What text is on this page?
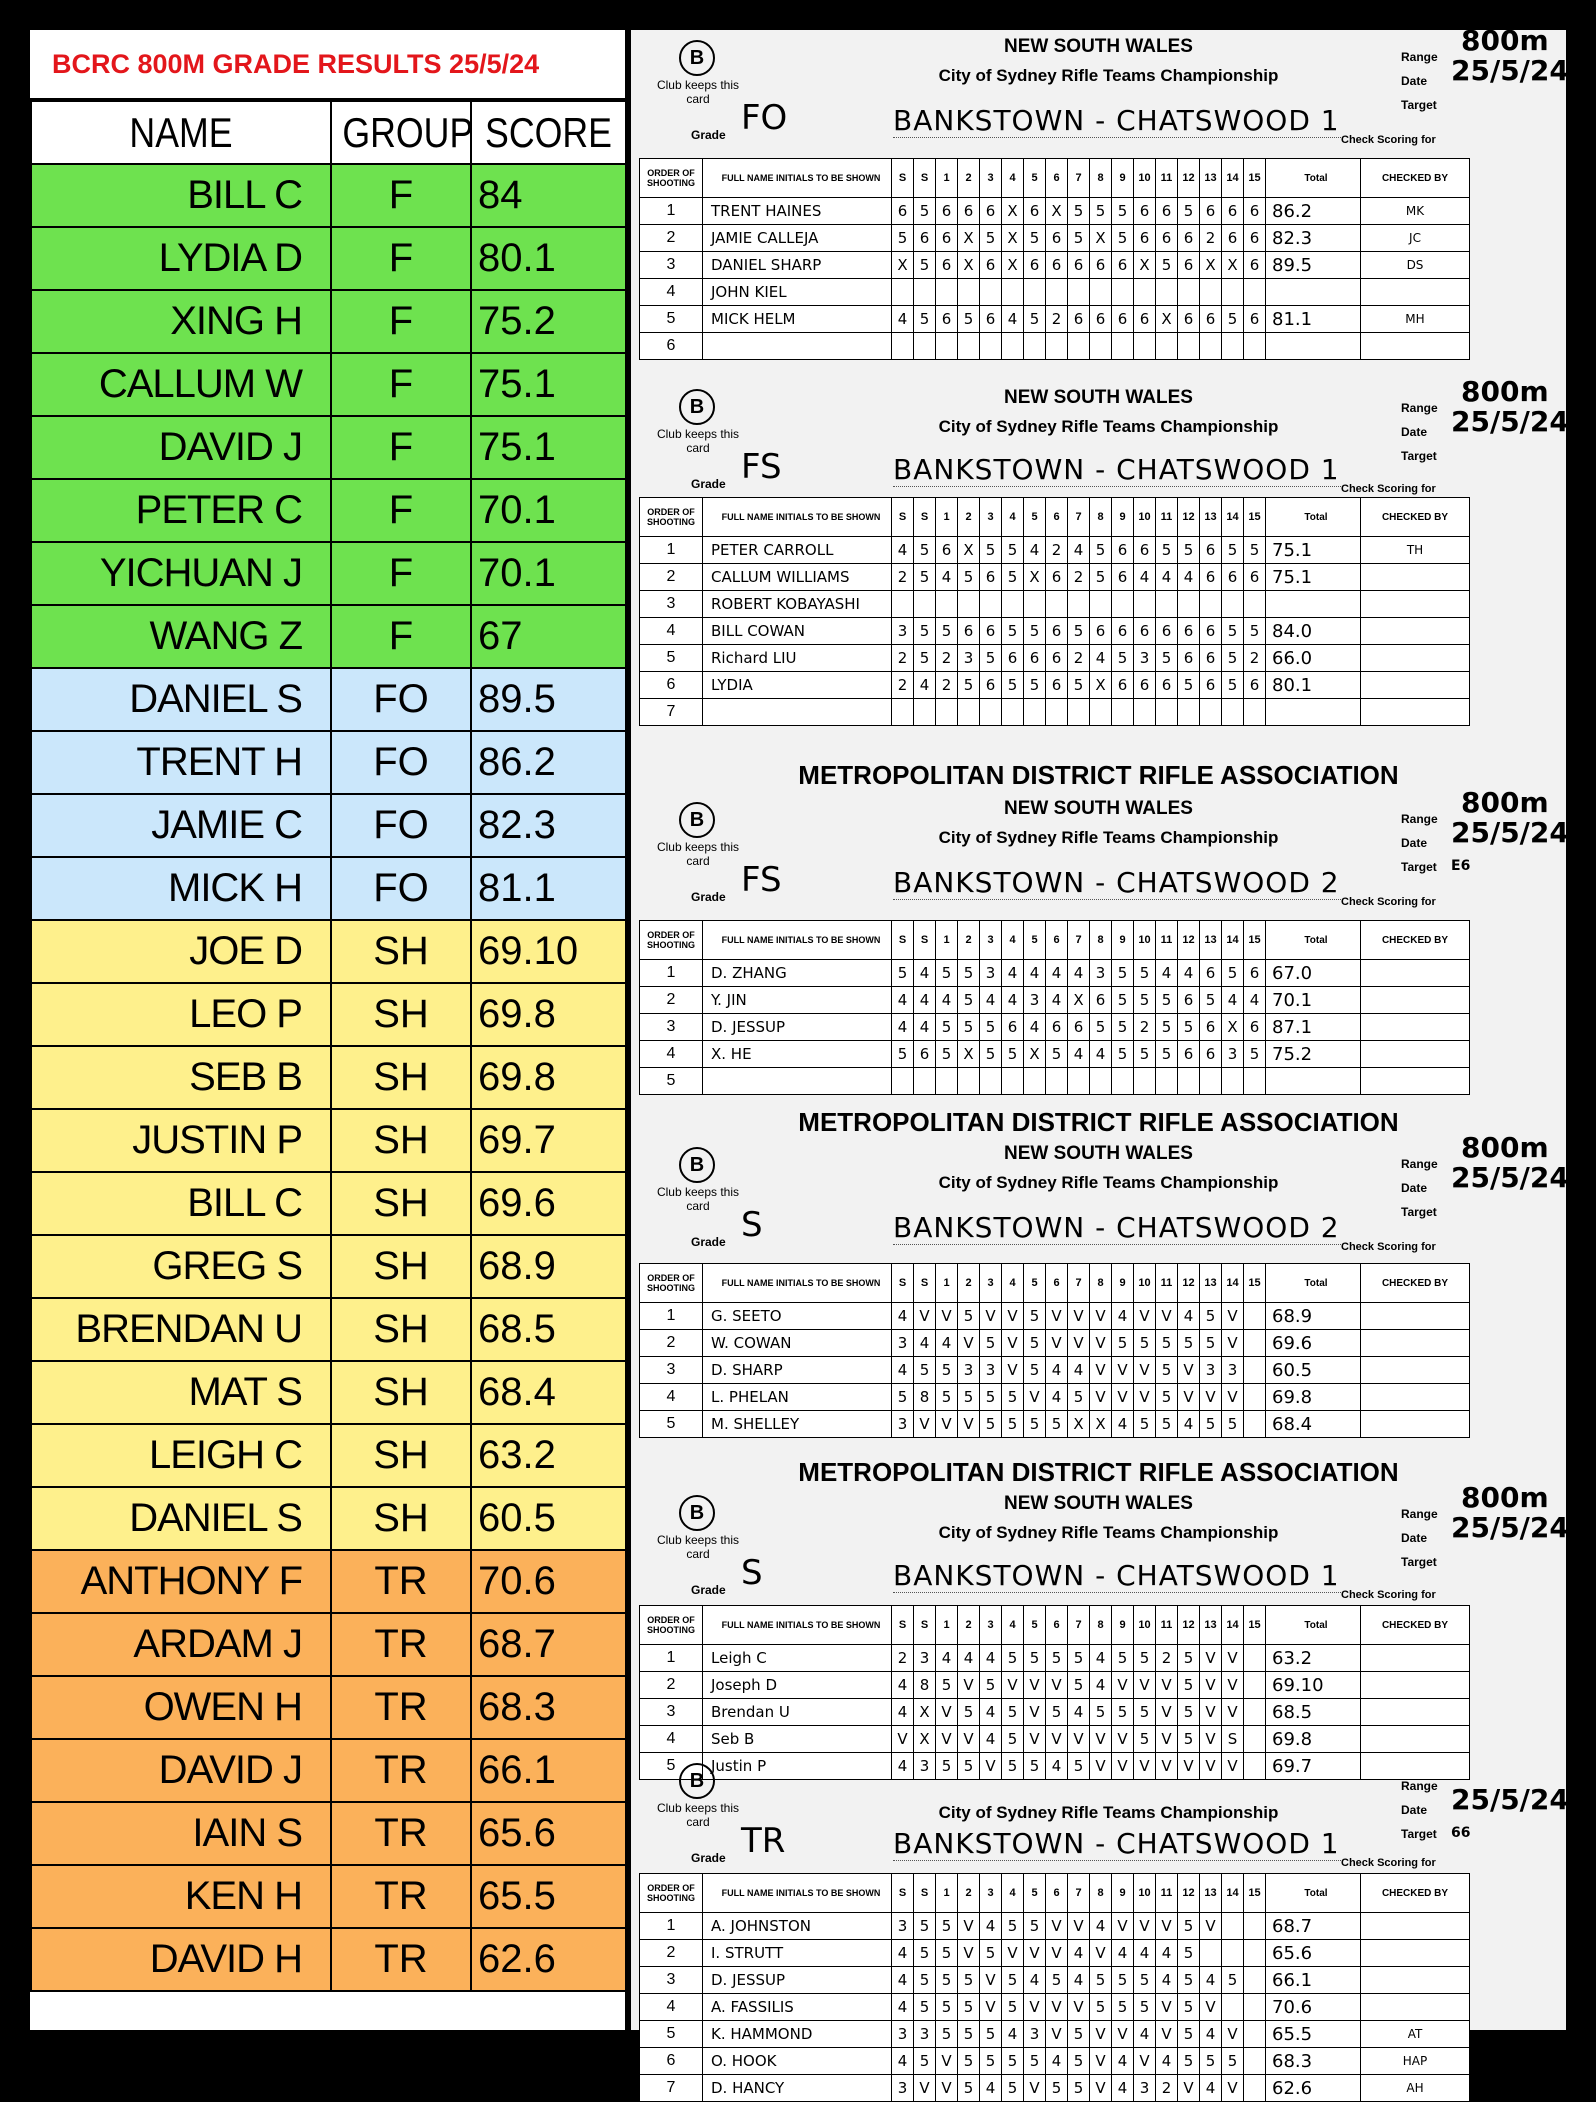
BCRC 800M GRADE RESULTS 25/5/24
NAME	GROUP	SCORE
BILL C	F	84
LYDIA D	F	80.1
XING H	F	75.2
CALLUM W	F	75.1
DAVID J	F	75.1
PETER C	F	70.1
YICHUAN J	F	70.1
WANG Z	F	67
DANIEL S	FO	89.5
TRENT H	FO	86.2
JAMIE C	FO	82.3
MICK H	FO	81.1
JOE D	SH	69.10
LEO P	SH	69.8
SEB B	SH	69.8
JUSTIN P	SH	69.7
BILL C	SH	69.6
GREG S	SH	68.9
BRENDAN U	SH	68.5
MAT S	SH	68.4
LEIGH C	SH	63.2
DANIEL S	SH	60.5
ANTHONY F	TR	70.6
ARDAM J	TR	68.7
OWEN H	TR	68.3
DAVID J	TR	66.1
IAIN S	TR	65.6
KEN H	TR	65.5
DAVID H	TR	62.6
B
Club keeps this card
NEW SOUTH WALES
City of Sydney Rifle Teams Championship
Grade FO	BANKSTOWN - CHATSWOOD 1
Range
Date
Target
800m
25/5/24
Check Scoring for
ORDER OF SHOOTING	FULL NAME INITIALS TO BE SHOWN	S	S	1	2	3	4	5	6	7	8	9	10	11	12	13	14	15	Total	CHECKED BY
1	TRENT HAINES	6	5	6	6	6	X	6	X	5	5	5	6	6	5	6	6	6	86.2	MK
2	JAMIE CALLEJA	5	6	6	X	5	X	5	6	5	X	5	6	6	6	2	6	6	82.3	JC
3	DANIEL SHARP	X	5	6	X	6	X	6	6	6	6	6	X	5	6	X	X	6	89.5	DS
4	JOHN KIEL																			
5	MICK HELM	4	5	6	5	6	4	5	2	6	6	6	6	X	6	6	5	6	81.1	MH
6																				
B
Club keeps this card
NEW SOUTH WALES
City of Sydney Rifle Teams Championship
Grade FS	BANKSTOWN - CHATSWOOD 1
Range
Date
Target
800m
25/5/24
Check Scoring for
ORDER OF SHOOTING	FULL NAME INITIALS TO BE SHOWN	S	S	1	2	3	4	5	6	7	8	9	10	11	12	13	14	15	Total	CHECKED BY
1	PETER CARROLL	4	5	6	X	5	5	4	2	4	5	6	6	5	5	6	5	5	75.1	TH
2	CALLUM WILLIAMS	2	5	4	5	6	5	X	6	2	5	6	4	4	4	6	6	6	75.1	
3	ROBERT KOBAYASHI																			
4	BILL COWAN	3	5	5	6	6	5	5	6	5	6	6	6	6	6	6	5	5	84.0	
5	Richard LIU	2	5	2	3	5	6	6	6	2	4	5	3	5	6	6	5	2	66.0	
6	LYDIA	2	4	2	5	6	5	5	6	5	X	6	6	6	5	6	5	6	80.1	
7																				
B
Club keeps this card
METROPOLITAN DISTRICT RIFLE ASSOCIATION
NEW SOUTH WALES
City of Sydney Rifle Teams Championship
Grade FS	BANKSTOWN - CHATSWOOD 2
Range
Date
Target
800m
25/5/24
E6
Check Scoring for
ORDER OF SHOOTING	FULL NAME INITIALS TO BE SHOWN	S	S	1	2	3	4	5	6	7	8	9	10	11	12	13	14	15	Total	CHECKED BY
1	D. ZHANG	5	4	5	5	3	4	4	4	4	3	5	5	4	4	6	5	6	67.0	
2	Y. JIN	4	4	4	5	4	4	3	4	X	6	5	5	5	6	5	4	4	70.1	
3	D. JESSUP	4	4	5	5	5	6	4	6	6	5	5	2	5	5	6	X	6	87.1	
4	X. HE	5	6	5	X	5	5	X	5	4	4	5	5	5	6	6	3	5	75.2	
5																				
B
Club keeps this card
METROPOLITAN DISTRICT RIFLE ASSOCIATION
NEW SOUTH WALES
City of Sydney Rifle Teams Championship
Grade S	BANKSTOWN - CHATSWOOD 2
Range
Date
Target
800m
25/5/24
Check Scoring for
ORDER OF SHOOTING	FULL NAME INITIALS TO BE SHOWN	S	S	1	2	3	4	5	6	7	8	9	10	11	12	13	14	15	Total	CHECKED BY
1	G. SEETO	4	V	V	5	V	V	5	V	V	V	4	V	V	4	5	V		68.9	
2	W. COWAN	3	4	4	V	5	V	5	V	V	V	5	5	5	5	5	V		69.6	
3	D. SHARP	4	5	5	3	3	V	5	4	4	V	V	V	5	V	3	3		60.5	
4	L. PHELAN	5	8	5	5	5	5	V	4	5	V	V	V	5	V	V	V		69.8	
5	M. SHELLEY	3	V	V	V	5	5	5	5	X	X	4	5	5	4	5	5		68.4	
B
Club keeps this card
METROPOLITAN DISTRICT RIFLE ASSOCIATION
NEW SOUTH WALES
City of Sydney Rifle Teams Championship
Grade S	BANKSTOWN - CHATSWOOD 1
Range
Date
Target
800m
25/5/24
Check Scoring for
ORDER OF SHOOTING	FULL NAME INITIALS TO BE SHOWN	S	S	1	2	3	4	5	6	7	8	9	10	11	12	13	14	15	Total	CHECKED BY
1	Leigh C	2	3	4	4	4	5	5	5	5	4	5	5	2	5	V	V		63.2	
2	Joseph D	4	8	5	V	5	V	V	V	5	4	V	V	V	5	V	V		69.10	
3	Brendan U	4	X	V	5	4	5	V	5	4	5	5	5	V	5	V	V		68.5	
4	Seb B	V	X	V	V	4	5	V	V	V	V	V	5	V	5	V	S		69.8	
5	Justin P	4	3	5	5	V	5	5	4	5	V	V	V	V	V	V	V		69.7	
B
Club keeps this card	City of Sydney Rifle Teams Championship
Grade TR	BANKSTOWN - CHATSWOOD 1
Range
Date
Target
25/5/24
66
Check Scoring for
ORDER OF SHOOTING	FULL NAME INITIALS TO BE SHOWN	S	S	1	2	3	4	5	6	7	8	9	10	11	12	13	14	15	Total	CHECKED BY
1	A. JOHNSTON	3	5	5	V	4	5	5	V	V	4	V	V	V	5	V			68.7	
2	I. STRUTT	4	5	5	V	5	V	V	V	4	V	4	4	4	5				65.6	
3	D. JESSUP	4	5	5	5	V	5	4	5	4	5	5	5	4	5	4	5		66.1	
4	A. FASSILIS	4	5	5	5	V	5	V	V	V	5	5	5	V	5	V			70.6	
5	K. HAMMOND	3	3	5	5	5	4	3	V	5	V	V	4	V	5	4	V		65.5	AT
6	O. HOOK	4	5	V	5	5	5	5	4	5	V	4	V	4	5	5	5		68.3	HAP
7	D. HANCY	3	V	V	5	4	5	V	5	5	V	4	3	2	V	4	V		62.6	AH
